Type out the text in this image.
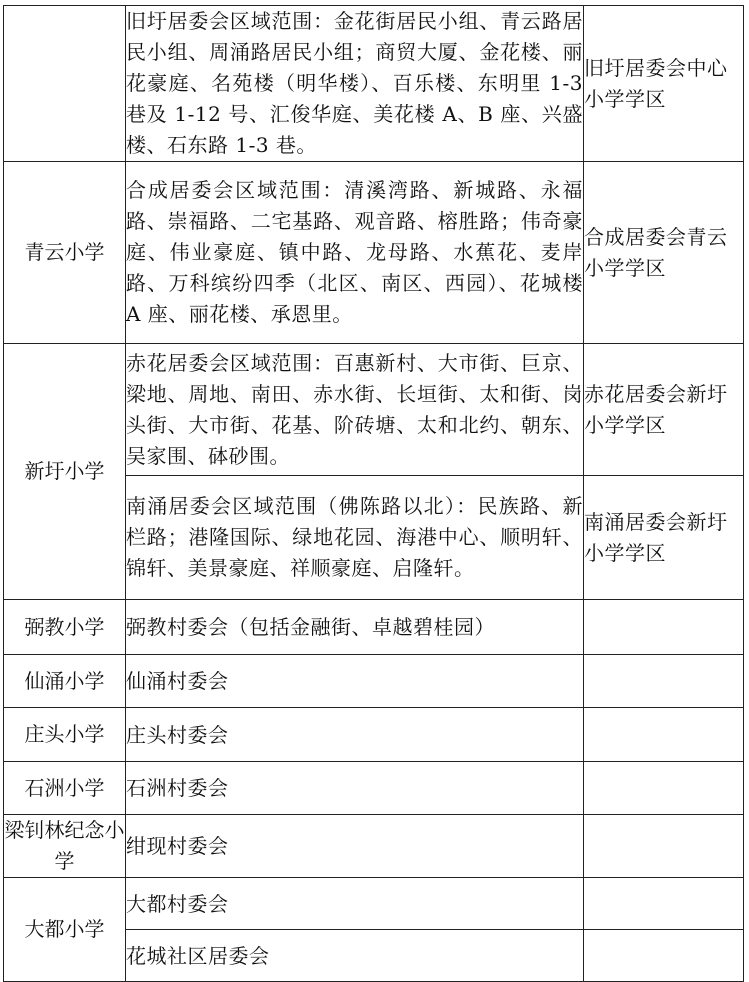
	旧圩居委会区域范围：金花街居民小组、青云路居民小组、周涌路居民小组；商贸大厦、金花楼、丽花豪庭、名苑楼（明华楼）、百乐楼、东明里 1-3 巷及 1-12 号、汇俊华庭、美花楼 A、B 座、兴盛楼、石东路 1-3 巷。	旧圩居委会中心小学学区
青云小学	合成居委会区域范围：清溪湾路、新城路、永福路、崇福路、二宅基路、观音路、榕胜路；伟奇豪庭、伟业豪庭、镇中路、龙母路、水蕉花、麦岸路、万科缤纷四季（北区、南区、西园）、花城楼 A 座、丽花楼、承恩里。	合成居委会青云小学学区
新圩小学	赤花居委会区域范围：百惠新村、大市街、巨京、梁地、周地、南田、赤水街、长垣街、太和街、岗头街、大市街、花基、阶砖塘、太和北约、朝东、吴家围、砵砂围。	赤花居委会新圩小学学区
	南涌居委会区域范围（佛陈路以北）：民族路、新栏路；港隆国际、绿地花园、海港中心、顺明轩、锦轩、美景豪庭、祥顺豪庭、启隆轩。	南涌居委会新圩小学学区
弼教小学	弼教村委会（包括金融街、卓越碧桂园）	
仙涌小学	仙涌村委会	
庄头小学	庄头村委会	
石洲小学	石洲村委会	
梁钊林纪念小学	绀现村委会	
大都小学	大都村委会	
	花城社区居委会	
